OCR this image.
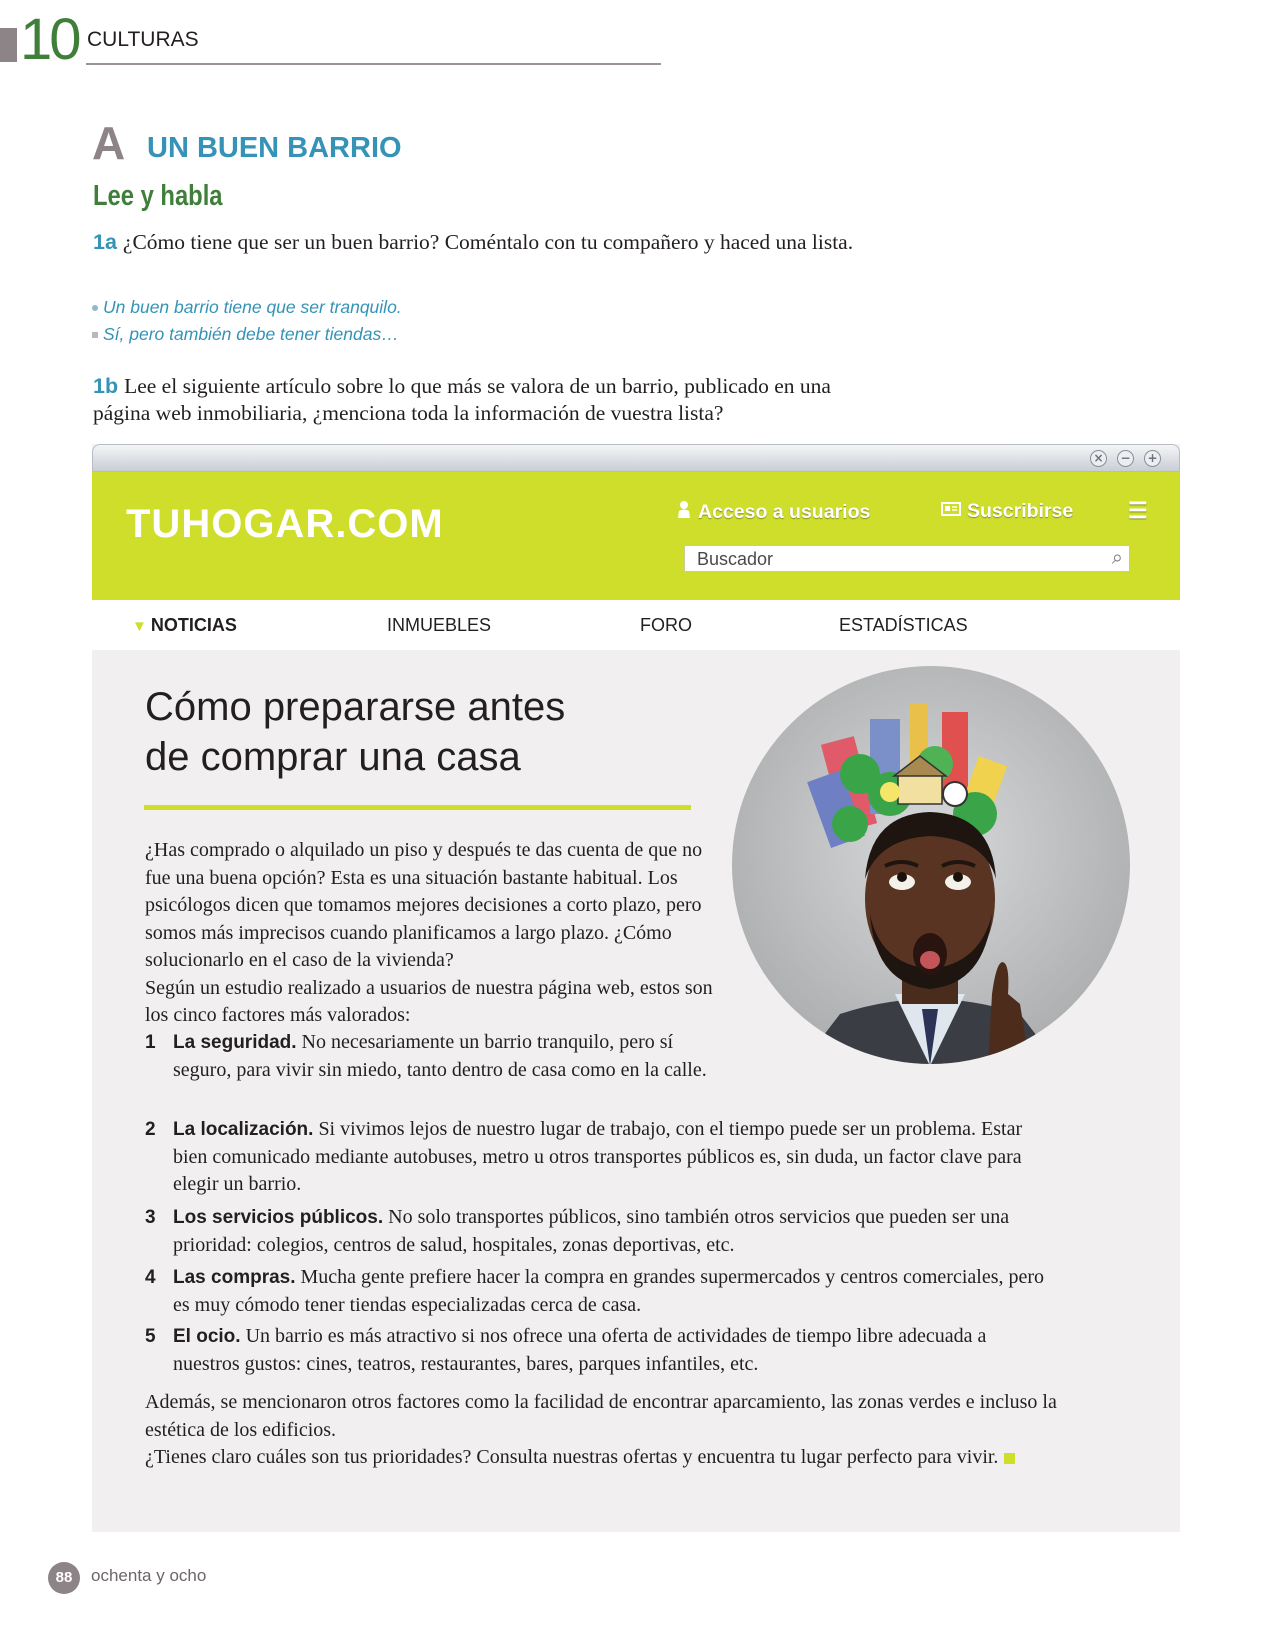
10 CULTURAS
A UN BUEN BARRIO
Lee y habla
1a ¿Cómo tiene que ser un buen barrio? Coméntalo con tu compañero y haced una lista.
Un buen barrio tiene que ser tranquilo.
Sí, pero también debe tener tiendas…
1b Lee el siguiente artículo sobre lo que más se valora de un barrio, publicado en una página web inmobiliaria, ¿menciona toda la información de vuestra lista?
× − +
TUHOGAR.COM	Acceso a usuarios	Suscribirse ☰
Buscador	⌕
▼ NOTICIAS	INMUEBLES	FORO	ESTADÍSTICAS
Cómo prepararse antes
de comprar una casa
¿Has comprado o alquilado un piso y después te das cuenta de que no fue una buena opción? Esta es una situación bastante habitual. Los psicólogos dicen que tomamos mejores decisiones a corto plazo, pero somos más imprecisos cuando planificamos a largo plazo. ¿Cómo solucionarlo en el caso de la vivienda?
Según un estudio realizado a usuarios de nuestra página web, estos son los cinco factores más valorados:
1 La seguridad. No necesariamente un barrio tranquilo, pero sí seguro, para vivir sin miedo, tanto dentro de casa como en la calle.
2 La localización. Si vivimos lejos de nuestro lugar de trabajo, con el tiempo puede ser un problema. Estar bien comunicado mediante autobuses, metro u otros transportes públicos es, sin duda, un factor clave para elegir un barrio.
3 Los servicios públicos. No solo transportes públicos, sino también otros servicios que pueden ser una prioridad: colegios, centros de salud, hospitales, zonas deportivas, etc.
4 Las compras. Mucha gente prefiere hacer la compra en grandes supermercados y centros comerciales, pero es muy cómodo tener tiendas especializadas cerca de casa.
5 El ocio. Un barrio es más atractivo si nos ofrece una oferta de actividades de tiempo libre adecuada a nuestros gustos: cines, teatros, restaurantes, bares, parques infantiles, etc.
Además, se mencionaron otros factores como la facilidad de encontrar aparcamiento, las zonas verdes e incluso la estética de los edificios.
¿Tienes claro cuáles son tus prioridades? Consulta nuestras ofertas y encuentra tu lugar perfecto para vivir.
88	ochenta y ocho
